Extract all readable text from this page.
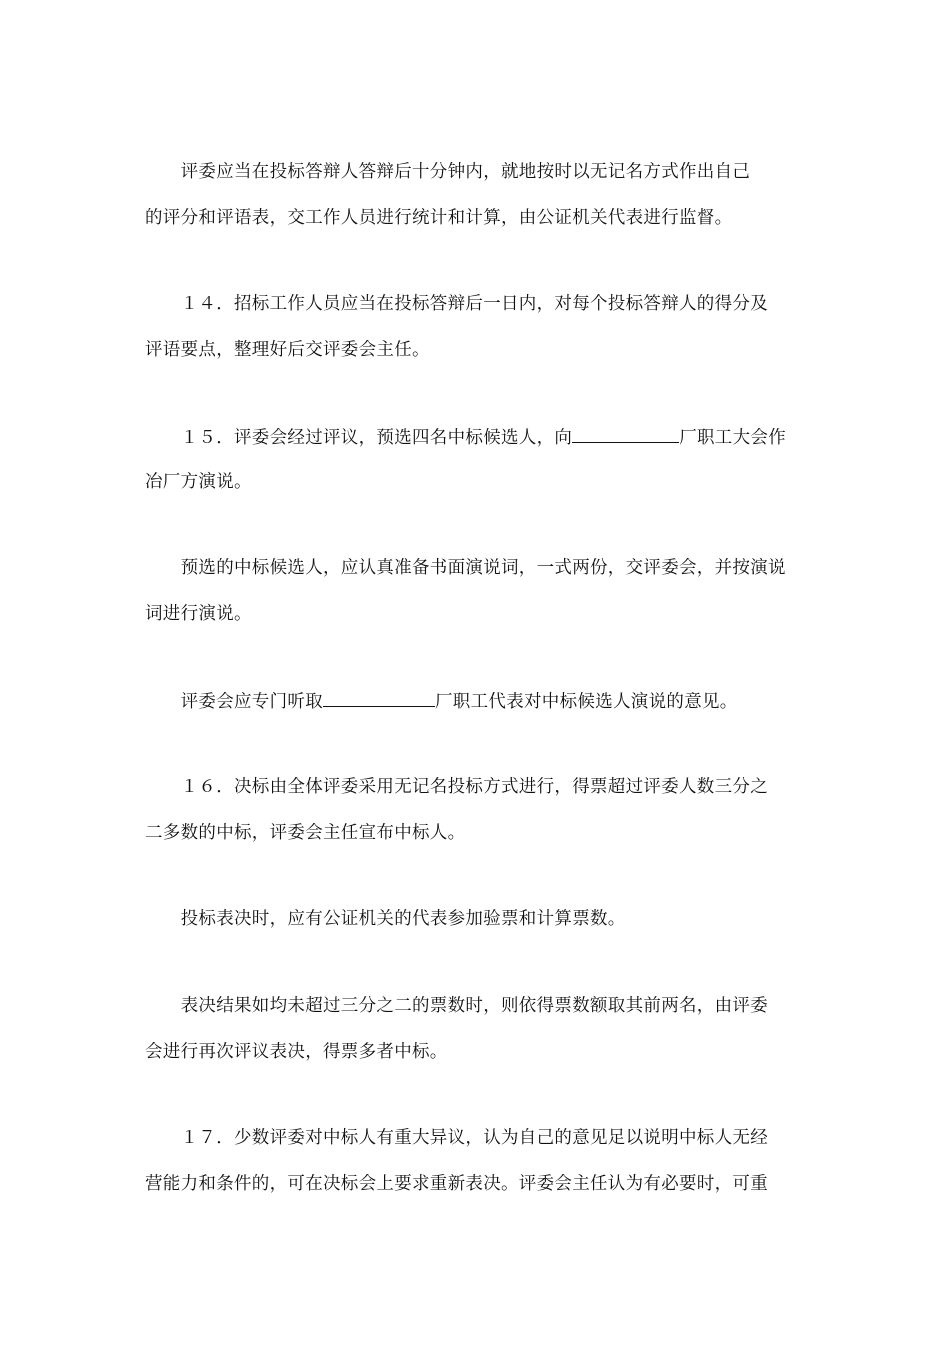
　　评委应当在投标答辩人答辩后十分钟内，就地按时以无记名方式作出自己
的评分和评语表，交工作人员进行统计和计算，由公证机关代表进行监督。
　　１４．招标工作人员应当在投标答辩后一日内，对每个投标答辩人的得分及
评语要点，整理好后交评委会主任。
　　１５．评委会经过评议，预选四名中标候选人，向	厂职工大会作
冶厂方演说。
　　预选的中标候选人，应认真准备书面演说词，一式两份，交评委会，并按演说
词进行演说。
　　评委会应专门听取	厂职工代表对中标候选人演说的意见。
　　１６．决标由全体评委采用无记名投标方式进行，得票超过评委人数三分之
二多数的中标，评委会主任宣布中标人。
　　投标表决时，应有公证机关的代表参加验票和计算票数。
　　表决结果如均未超过三分之二的票数时，则依得票数额取其前两名，由评委
会进行再次评议表决，得票多者中标。
　　１７．少数评委对中标人有重大异议，认为自己的意见足以说明中标人无经
营能力和条件的，可在决标会上要求重新表决。评委会主任认为有必要时，可重
